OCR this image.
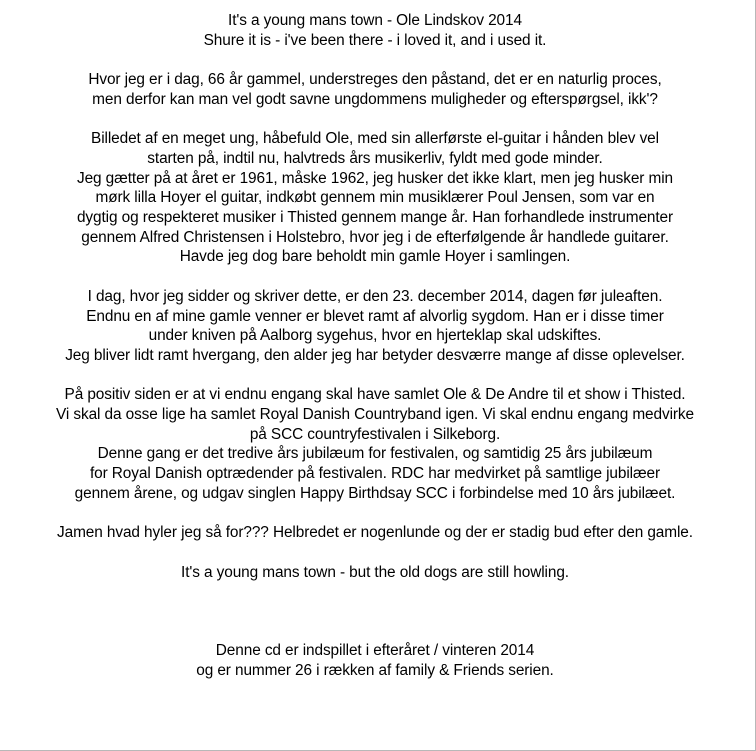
It's a young mans town - Ole Lindskov 2014
Shure it is - i've been there - i loved it, and i used it.
Hvor jeg er i dag, 66 år gammel, understreges den påstand, det er en naturlig proces,
men derfor kan man vel godt savne ungdommens muligheder og efterspørgsel, ikk'?
Billedet af en meget ung, håbefuld Ole, med sin allerførste el-guitar i hånden blev vel
starten på, indtil nu, halvtreds års musikerliv, fyldt med gode minder.
Jeg gætter på at året er 1961, måske 1962, jeg husker det ikke klart, men jeg husker min
mørk lilla Hoyer el guitar, indkøbt gennem min musiklærer Poul Jensen, som var en
dygtig og respekteret musiker i Thisted gennem mange år. Han forhandlede instrumenter
gennem Alfred Christensen i Holstebro, hvor jeg i de efterfølgende år handlede guitarer.
Havde jeg dog bare beholdt min gamle Hoyer i samlingen.
I dag, hvor jeg sidder og skriver dette, er den 23. december 2014, dagen før juleaften.
Endnu en af mine gamle venner er blevet ramt af alvorlig sygdom. Han er i disse timer
under kniven på Aalborg sygehus, hvor en hjerteklap skal udskiftes.
Jeg bliver lidt ramt hvergang, den alder jeg har betyder desværre mange af disse oplevelser.
På positiv siden er at vi endnu engang skal have samlet Ole & De Andre til et show i Thisted.
Vi skal da osse lige ha samlet Royal Danish Countryband igen. Vi skal endnu engang medvirke
på SCC countryfestivalen i Silkeborg.
Denne gang er det tredive års jubilæum for festivalen, og samtidig 25 års jubilæum
for Royal Danish optrædender på festivalen. RDC har medvirket på samtlige jubilæer
gennem årene, og udgav singlen Happy Birthdsay SCC i forbindelse med 10 års jubilæet.
Jamen hvad hyler jeg så for??? Helbredet er nogenlunde og der er stadig bud efter den gamle.
It's a young mans town - but the old dogs are still howling.
Denne cd er indspillet i efteråret / vinteren 2014
og er nummer 26 i rækken af family & Friends serien.
